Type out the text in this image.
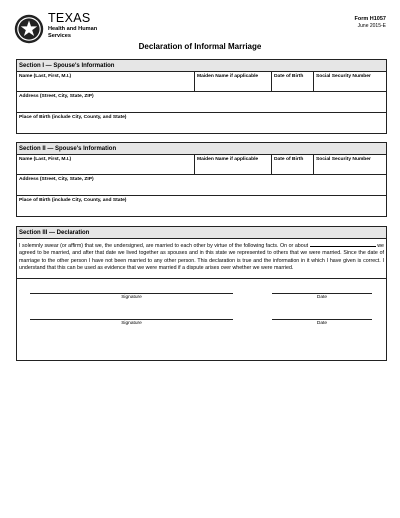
TEXAS
Health and Human
Services
Form H1057
June 2015-E
Declaration of Informal Marriage
Section I — Spouse's Information
Name (Last, First, M.I.)	Maiden Name if applicable	Date of Birth	Social Security Number
Address (Street, City, State, ZIP)
Place of Birth (include City, County, and State)
Section II — Spouse's Information
Name (Last, First, M.I.)	Maiden Name if applicable	Date of Birth	Social Security Number
Address (Street, City, State, ZIP)
Place of Birth (include City, County, and State)
Section III — Declaration
I solemnly swear (or affirm) that we, the undersigned, are married to each other by virtue of the following facts. On or about	we agreed to be married, and after that date we lived together as spouses and in this state we represented to others that we were married. Since the date of marriage to the other person I have not been married to any other person. This declaration is true and the information in it which I have given is correct. I understand that this can be used as evidence that we were married if a dispute arises over whether we were married.
Signature	Date
Signature	Date
